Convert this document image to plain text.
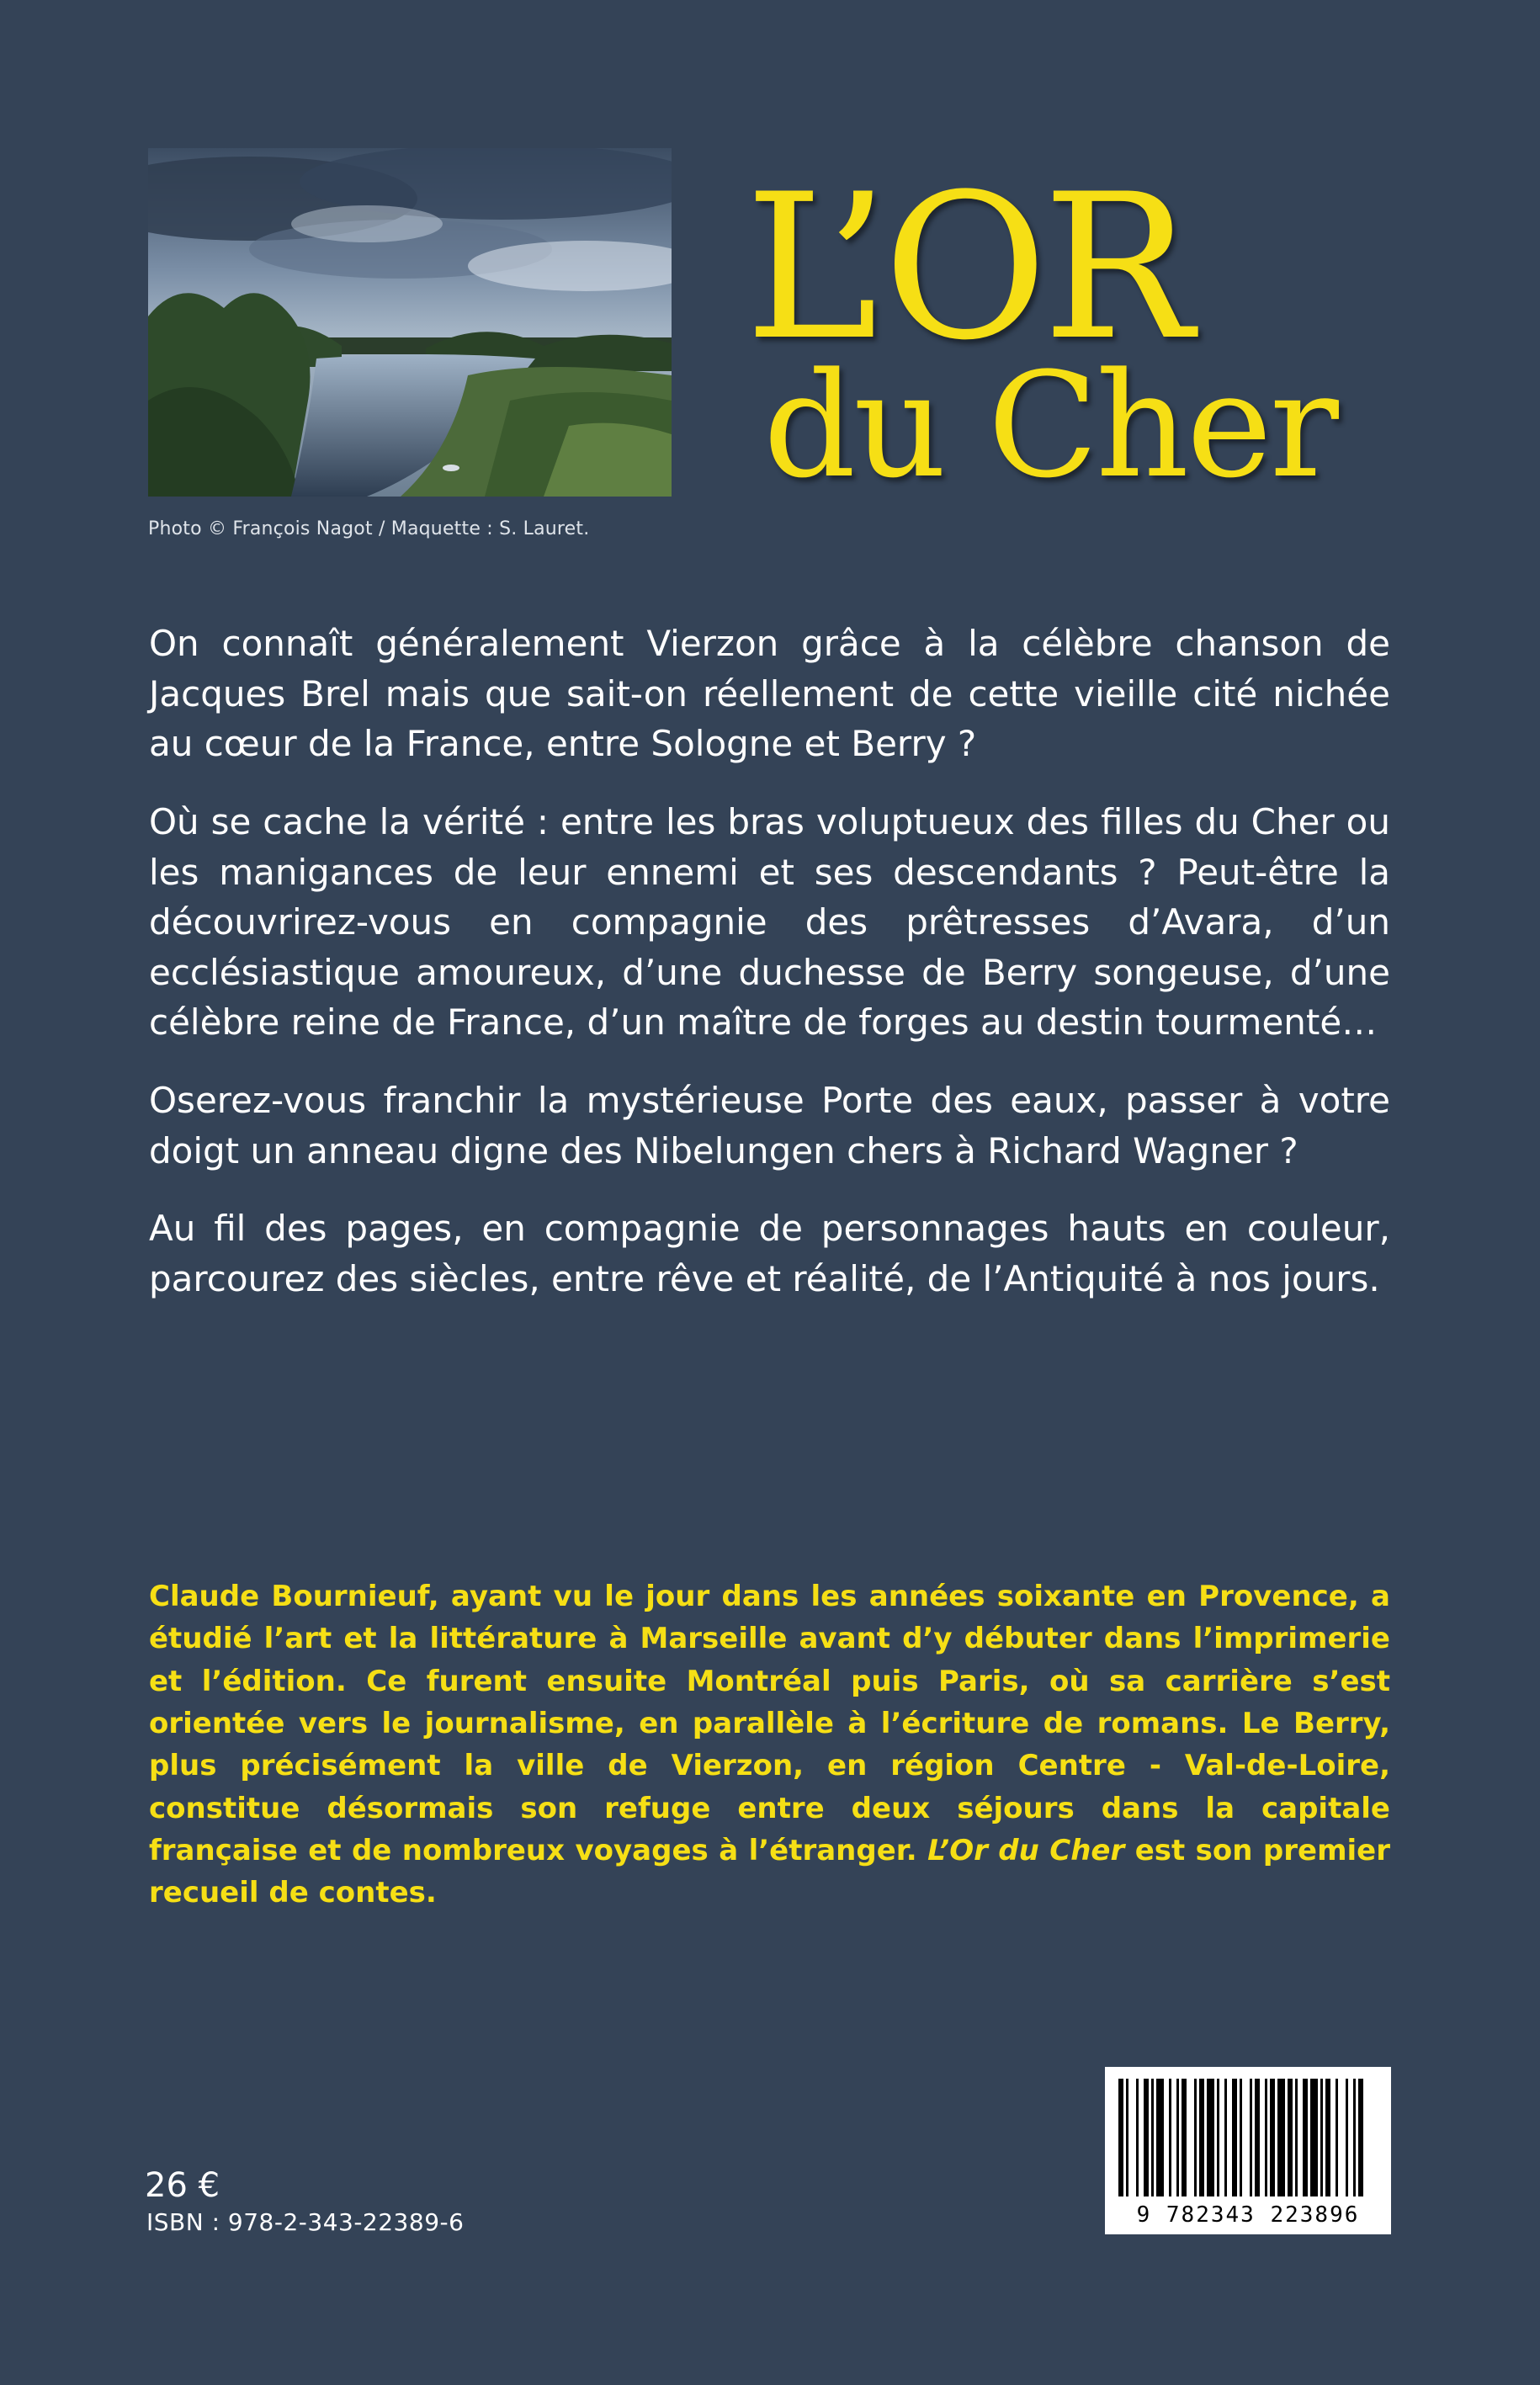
Photo © François Nagot / Maquette : S. Lauret.
L’OR
du Cher

On connaît généralement Vierzon grâce à la célèbre chanson de Jacques Brel mais que sait-on réellement de cette vieille cité nichée au cœur de la France, entre Sologne et Berry ?

Où se cache la vérité : entre les bras voluptueux des filles du Cher ou les manigances de leur ennemi et ses descendants ? Peut-être la découvrirez-vous en compagnie des prêtresses d’Avara, d’un ecclésiastique amoureux, d’une duchesse de Berry songeuse, d’une célèbre reine de France, d’un maître de forges au destin tourmenté…

Oserez-vous franchir la mystérieuse Porte des eaux, passer à votre doigt un anneau digne des Nibelungen chers à Richard Wagner ?

Au fil des pages, en compagnie de personnages hauts en couleur, parcourez des siècles, entre rêve et réalité, de l’Antiquité à nos jours.

Claude Bournieuf, ayant vu le jour dans les années soixante en Provence, a étudié l’art et la littérature à Marseille avant d’y débuter dans l’imprimerie et l’édition. Ce furent ensuite Montréal puis Paris, où sa carrière s’est orientée vers le journalisme, en parallèle à l’écriture de romans. Le Berry, plus précisément la ville de Vierzon, en région Centre - Val-de-Loire, constitue désormais son refuge entre deux séjours dans la capitale française et de nombreux voyages à l’étranger. L’Or du Cher est son premier recueil de contes.
26 €
ISBN : 978-2-343-22389-6	9 782343 223896
